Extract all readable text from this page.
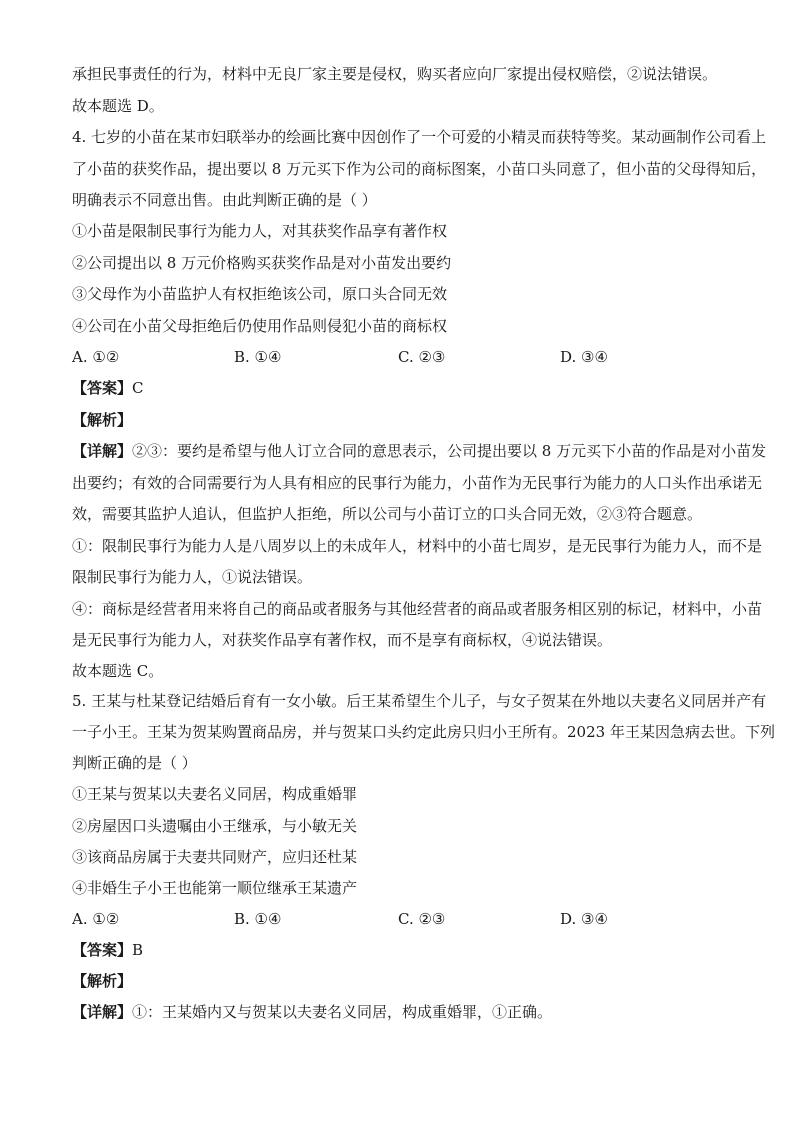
承担民事责任的行为，材料中无良厂家主要是侵权，购买者应向厂家提出侵权赔偿，②说法错误。
故本题选 D。
4. 七岁的小苗在某市妇联举办的绘画比赛中因创作了一个可爱的小精灵而获特等奖。某动画制作公司看上
了小苗的获奖作品，提出要以 8 万元买下作为公司的商标图案，小苗口头同意了，但小苗的父母得知后，
明确表示不同意出售。由此判断正确的是（ ）
①小苗是限制民事行为能力人，对其获奖作品享有著作权
②公司提出以 8 万元价格购买获奖作品是对小苗发出要约
③父母作为小苗监护人有权拒绝该公司，原口头合同无效
④公司在小苗父母拒绝后仍使用作品则侵犯小苗的商标权
A. ①②	B. ①④	C. ②③	D. ③④
【答案】C
【解析】
【详解】②③：要约是希望与他人订立合同的意思表示，公司提出要以 8 万元买下小苗的作品是对小苗发
出要约；有效的合同需要行为人具有相应的民事行为能力，小苗作为无民事行为能力的人口头作出承诺无
效，需要其监护人追认，但监护人拒绝，所以公司与小苗订立的口头合同无效，②③符合题意。
①：限制民事行为能力人是八周岁以上的未成年人，材料中的小苗七周岁，是无民事行为能力人，而不是
限制民事行为能力人，①说法错误。
④：商标是经营者用来将自己的商品或者服务与其他经营者的商品或者服务相区别的标记，材料中，小苗
是无民事行为能力人，对获奖作品享有著作权，而不是享有商标权，④说法错误。
故本题选 C。
5. 王某与杜某登记结婚后育有一女小敏。后王某希望生个儿子，与女子贺某在外地以夫妻名义同居并产有
一子小王。王某为贺某购置商品房，并与贺某口头约定此房只归小王所有。2023 年王某因急病去世。下列
判断正确的是（ ）
①王某与贺某以夫妻名义同居，构成重婚罪
②房屋因口头遗嘱由小王继承，与小敏无关
③该商品房属于夫妻共同财产，应归还杜某
④非婚生子小王也能第一顺位继承王某遗产
A. ①②	B. ①④	C. ②③	D. ③④
【答案】B
【解析】
【详解】①：王某婚内又与贺某以夫妻名义同居，构成重婚罪，①正确。
